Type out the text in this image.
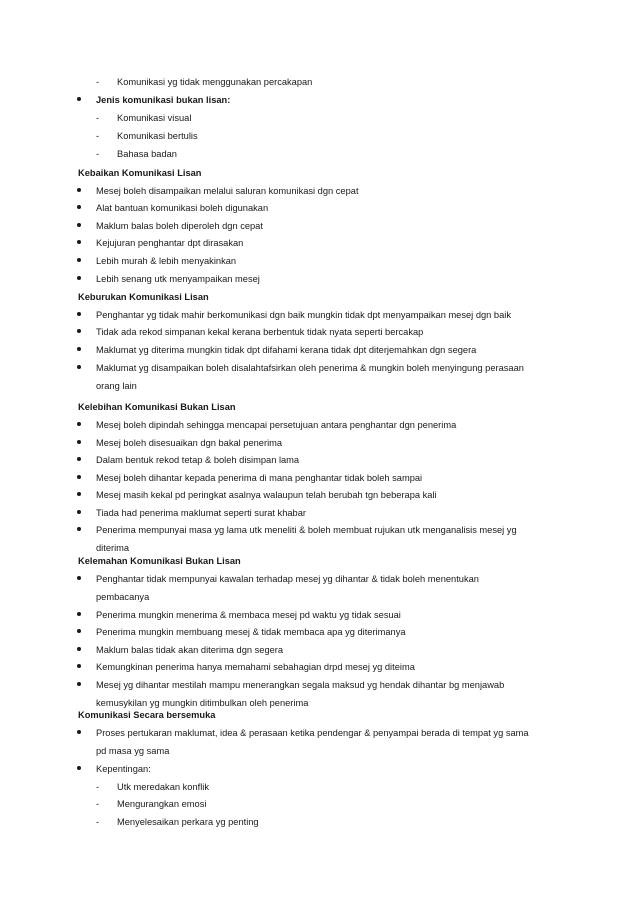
- Komunikasi yg tidak menggunakan percakapan
Jenis komunikasi bukan lisan:
- Komunikasi visual
- Komunikasi bertulis
- Bahasa badan
Kebaikan Komunikasi Lisan
Mesej boleh disampaikan melalui saluran komunikasi dgn cepat
Alat bantuan komunikasi boleh digunakan
Maklum balas boleh diperoleh dgn cepat
Kejujuran penghantar dpt dirasakan
Lebih murah & lebih menyakinkan
Lebih senang utk menyampaikan mesej
Keburukan Komunikasi Lisan
Penghantar yg tidak mahir berkomunikasi dgn baik mungkin tidak dpt menyampaikan mesej dgn baik
Tidak ada rekod simpanan kekal kerana berbentuk tidak nyata seperti bercakap
Maklumat yg diterima mungkin tidak dpt difahami kerana tidak dpt diterjemahkan dgn segera
Maklumat yg disampaikan boleh disalahtafsirkan oleh penerima & mungkin boleh menyingung perasaan
orang lain
Kelebihan Komunikasi Bukan Lisan
Mesej boleh dipindah sehingga mencapai persetujuan antara penghantar dgn penerima
Mesej boleh disesuaikan dgn bakal penerima
Dalam bentuk rekod tetap & boleh disimpan lama
Mesej boleh dihantar kepada penerima di mana penghantar tidak boleh sampai
Mesej masih kekal pd peringkat asalnya walaupun telah berubah tgn beberapa kali
Tiada had penerima maklumat seperti surat khabar
Penerima mempunyai masa yg lama utk meneliti & boleh membuat rujukan utk menganalisis mesej yg
diterima
Kelemahan Komunikasi Bukan Lisan
Penghantar tidak mempunyai kawalan terhadap mesej yg dihantar & tidak boleh menentukan
pembacanya
Penerima mungkin menerima & membaca mesej pd waktu yg tidak sesuai
Penerima mungkin membuang mesej & tidak membaca apa yg diterimanya
Maklum balas tidak akan diterima dgn segera
Kemungkinan penerima hanya memahami sebahagian drpd mesej yg diteima
Mesej yg dihantar mestilah mampu menerangkan segala maksud yg hendak dihantar bg menjawab
kemusykilan yg mungkin ditimbulkan oleh penerima
Komunikasi Secara bersemuka
Proses pertukaran maklumat, idea & perasaan ketika pendengar & penyampai berada di tempat yg sama
pd masa yg sama
Kepentingan:
- Utk meredakan konflik
- Mengurangkan emosi
- Menyelesaikan perkara yg penting
